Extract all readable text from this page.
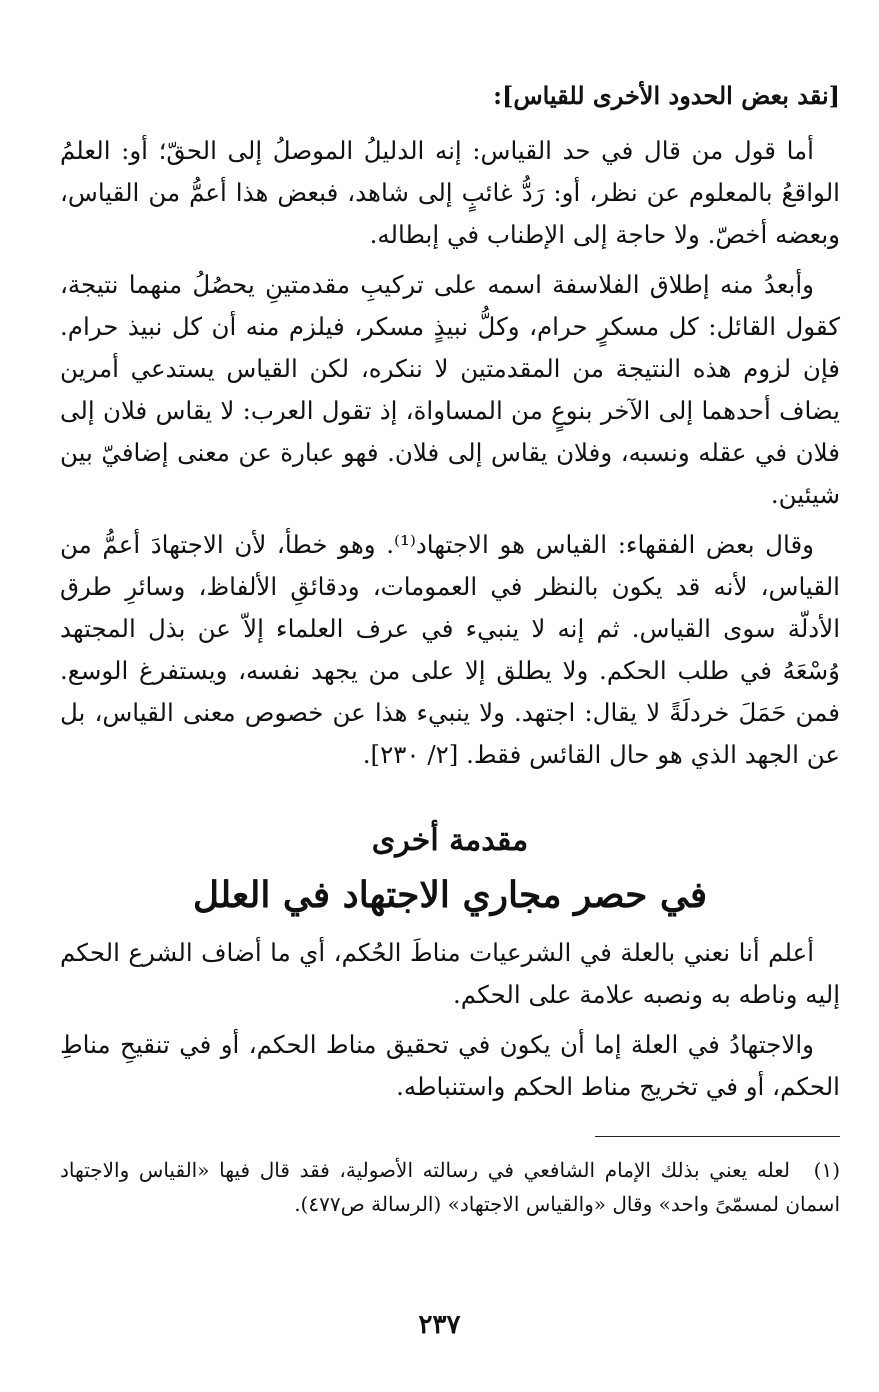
[نقد بعض الحدود الأخرى للقياس]:

أما قول من قال في حد القياس: إنه الدليلُ الموصلُ إلى الحقّ؛ أو: العلمُ الواقعُ بالمعلوم عن نظر، أو: رَدُّ غائبٍ إلى شاهد، فبعض هذا أعمُّ من القياس، وبعضه أخصّ. ولا حاجة إلى الإطناب في إبطاله.

وأبعدُ منه إطلاق الفلاسفة اسمه على تركيبِ مقدمتينِ يحصُلُ منهما نتيجة، كقول القائل: كل مسكرٍ حرام، وكلُّ نبيذٍ مسكر، فيلزم منه أن كل نبيذ حرام. فإن لزوم هذه النتيجة من المقدمتين لا ننكره، لكن القياس يستدعي أمرين يضاف أحدهما إلى الآخر بنوعٍ من المساواة، إذ تقول العرب: لا يقاس فلان إلى فلان في عقله ونسبه، وفلان يقاس إلى فلان. فهو عبارة عن معنى إضافيّ بين شيئين.

وقال بعض الفقهاء: القياس هو الاجتهاد⁽¹⁾. وهو خطأ، لأن الاجتهادَ أعمُّ من القياس، لأنه قد يكون بالنظر في العمومات، ودقائقِ الألفاظ، وسائرِ طرق الأدلّة سوى القياس. ثم إنه لا ينبيء في عرف العلماء إلاّ عن بذل المجتهد وُسْعَهُ في طلب الحكم. ولا يطلق إلا على من يجهد نفسه، ويستفرغ الوسع. فمن حَمَلَ خردلَةً لا يقال: اجتهد. ولا ينبيء هذا عن خصوص معنى القياس، بل عن الجهد الذي هو حال القائس فقط. [٢/ ٢٣٠].

مقدمة أخرى
في حصر مجاري الاجتهاد في العلل

أعلم أنا نعني بالعلة في الشرعيات مناطَ الحُكم، أي ما أضاف الشرع الحكم إليه وناطه به ونصبه علامة على الحكم.

والاجتهادُ في العلة إما أن يكون في تحقيق مناط الحكم، أو في تنقيحِ مناطِ الحكم، أو في تخريج مناط الحكم واستنباطه.

(١) لعله يعني بذلك الإمام الشافعي في رسالته الأصولية، فقد قال فيها «القياس والاجتهاد اسمان لمسمّىً واحد» وقال «والقياس الاجتهاد» (الرسالة ص٤٧٧).

٢٣٧
